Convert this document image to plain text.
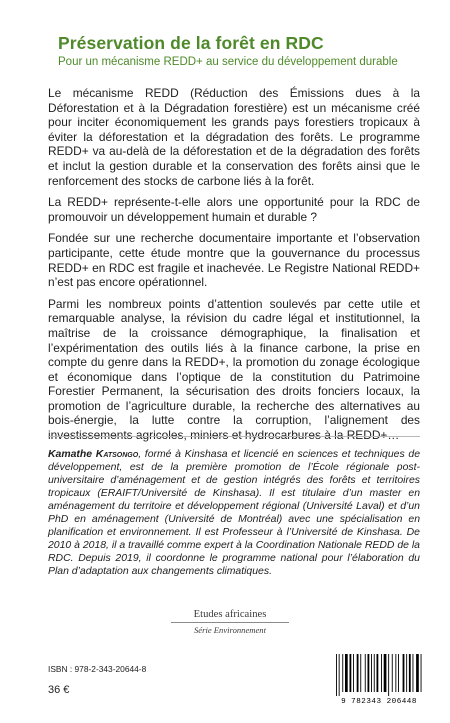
Préservation de la forêt en RDC
Pour un mécanisme REDD+ au service du développement durable

Le mécanisme REDD (Réduction des Émissions dues à la Déforestation et à la Dégradation forestière) est un mécanisme créé pour inciter économiquement les grands pays forestiers tropicaux à éviter la déforestation et la dégradation des forêts. Le programme REDD+ va au-delà de la déforestation et de la dégradation des forêts et inclut la gestion durable et la conservation des forêts ainsi que le renforcement des stocks de carbone liés à la forêt.

La REDD+ représente-t-elle alors une opportunité pour la RDC de promouvoir un développement humain et durable ?

Fondée sur une recherche documentaire importante et l’observation participante, cette étude montre que la gouvernance du processus REDD+ en RDC est fragile et inachevée. Le Registre National REDD+ n’est pas encore opérationnel.

Parmi les nombreux points d’attention soulevés par cette utile et remarquable analyse, la révision du cadre légal et institutionnel, la maîtrise de la croissance démographique, la finalisation et l’expérimentation des outils liés à la finance carbone, la prise en compte du genre dans la REDD+, la promotion du zonage écologique et économique dans l’optique de la constitution du Patrimoine Forestier Permanent, la sécurisation des droits fonciers locaux, la promotion de l’agriculture durable, la recherche des alternatives au bois-énergie, la lutte contre la corruption, l’alignement des

Kamathe Katsongo, formé à Kinshasa et licencié en sciences et techniques de développement, est de la première promotion de l’École régionale post-universitaire d’aménagement et de gestion intégrés des forêts et territoires tropicaux (ERAIFT/Université de Kinshasa). Il est titulaire d’un master en aménagement du territoire et développement régional (Université Laval) et d’un PhD en aménagement (Université de Montréal) avec une spécialisation en planification et environnement. Il est Professeur à l’Université de Kinshasa. De 2010 à 2018, il a travaillé comme expert à la Coordination Nationale REDD de la RDC. Depuis 2019, il coordonne le programme national pour l’élaboration du Plan d’adaptation aux changements climatiques.
Etudes africaines
Série Environnement
ISBN : 978-2-343-20644-8
36 €
9 782343 206448
